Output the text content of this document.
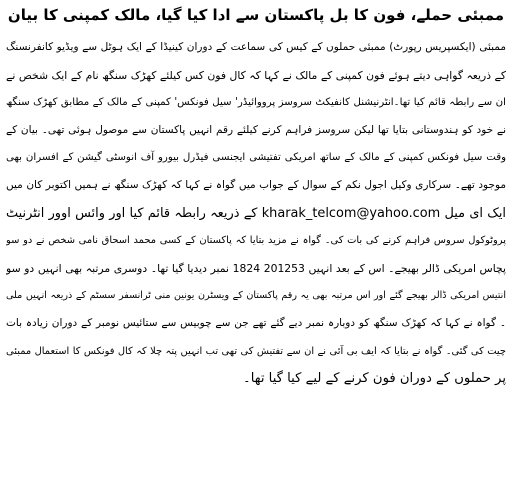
ممبئی حملے، فون کا بل پاکستان سے ادا کیا گیا، مالک کمپنی کا بیان
ممبئی (ایکسپریس رپورٹ) ممبئی حملوں کے کیس کی سماعت کے دوران کینیڈا کے ایک ہوٹل سے ویڈیو کانفرنسنگ
کے ذریعہ گواہی دیتے ہوئے فون کمپنی کے مالک نے کہا کہ کال فون کس کیلئے کھڑک سنگھ نام کے ایک شخص نے
ان سے رابطہ قائم کیا تھا۔انٹرنیشنل کانفیکٹ سروسز پرووائیڈر' سیل فونکس' کمپنی کے مالک کے مطابق کھڑک سنگھ
نے خود کو ہندوستانی بتایا تھا لیکن سروسز فراہم کرنے کیلئے رقم انہیں پاکستان سے موصول ہوئی تھی۔ بیان کے
وقت سیل فونکس کمپنی کے مالک کے ساتھ امریکی تفتیشی ایجنسی فیڈرل بیورو آف انوسٹی گیشن کے افسران بھی
موجود تھے۔ سرکاری وکیل اجول نکم کے سوال کے جواب میں گواہ نے کہا کہ کھڑک سنگھ نے ہمیں اکتوبر کان میں
ایک ای میل kharak_telcom@yahoo.com کے ذریعہ رابطہ قائم کیا اور وائس اوور انٹرنیٹ
پروٹوکول سروس فراہم کرنے کی بات کی۔ گواہ نے مزید بتایا کہ پاکستان کے کسی محمد اسحاق نامی شخص نے دو سو
پچاس امریکی ڈالر بھیجے۔ اس کے بعد انہیں 201253 1824 نمبر دیدیا گیا تھا۔ دوسری مرتبہ بھی انہیں دو سو
انتیس امریکی ڈالر بھیجے گئے اور اس مرتبہ بھی یہ رقم پاکستان کے ویسٹرن یونین منی ٹرانسفر سسٹم کے ذریعہ انہیں ملی
۔ گواہ نے کہا کہ کھڑک سنگھ کو دوبارہ نمبر دیے گئے تھے جن سے چوبیس سے ستائیس نومبر کے دوران زیادہ بات
چیت کی گئی۔ گواہ نے بتایا کہ ایف بی آئی نے ان سے تفتیش کی تھی تب انہیں پتہ چلا کہ کال فونکس کا استعمال ممبئی
پر حملوں کے دوران فون کرنے کے لیے کیا گیا تھا۔
